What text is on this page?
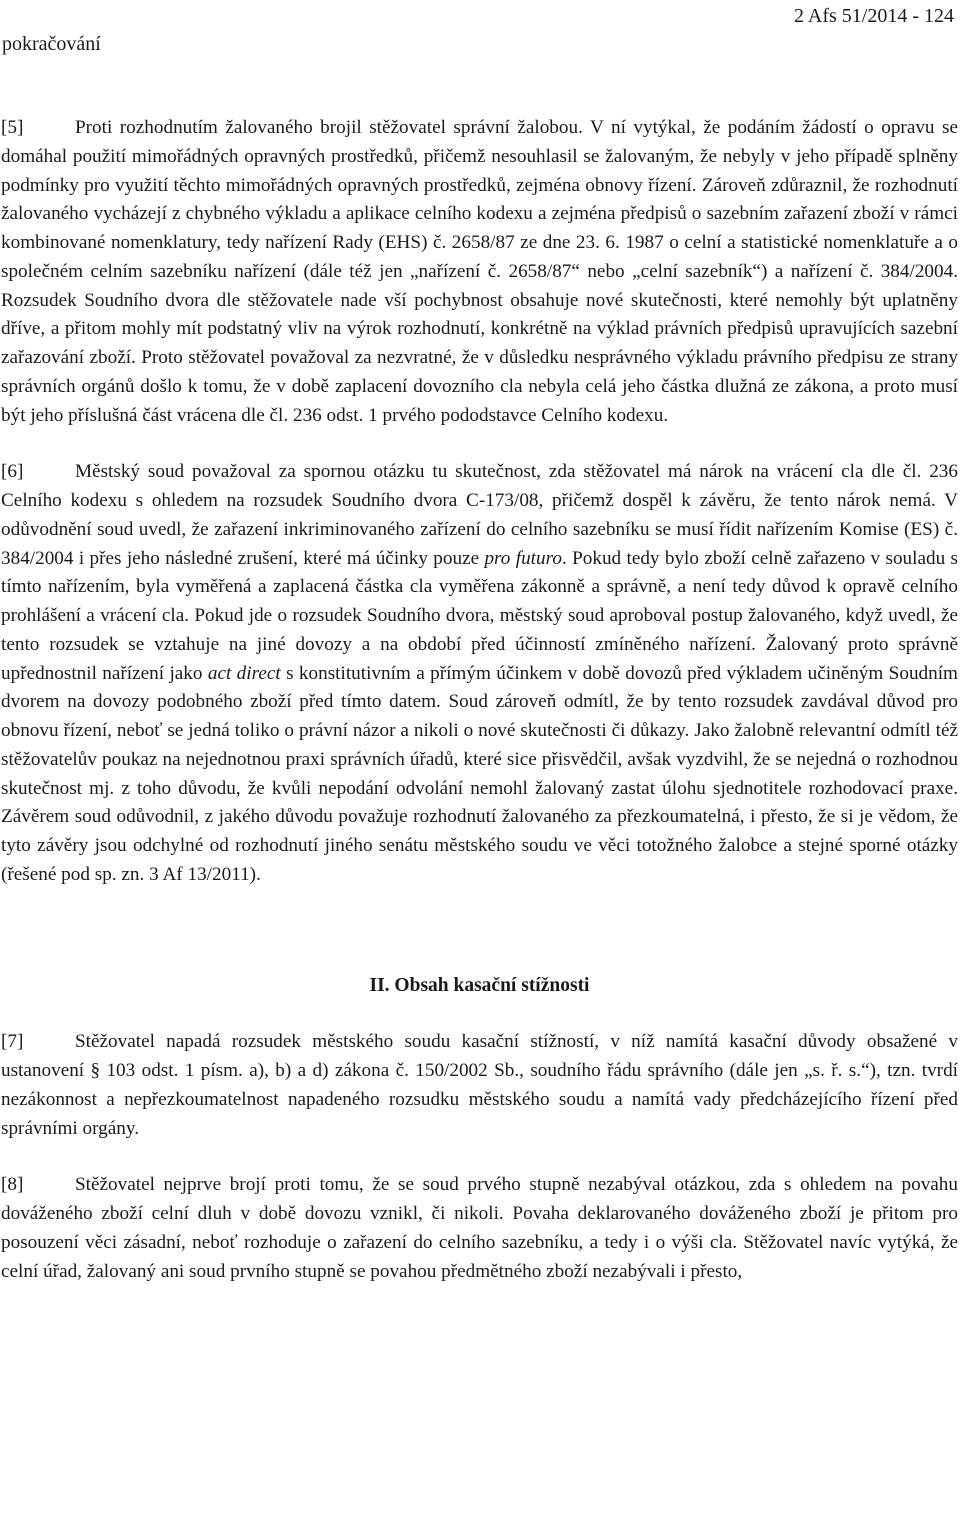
pokračování
2 Afs 51/2014 - 124

[5]	Proti rozhodnutím žalovaného brojil stěžovatel správní žalobou. V ní vytýkal, že podáním žádostí o opravu se domáhal použití mimořádných opravných prostředků, přičemž nesouhlasil se žalovaným, že nebyly v jeho případě splněny podmínky pro využití těchto mimořádných opravných prostředků, zejména obnovy řízení. Zároveň zdůraznil, že rozhodnutí žalovaného vycházejí z chybného výkladu a aplikace celního kodexu a zejména předpisů o sazebním zařazení zboží v rámci kombinované nomenklatury, tedy nařízení Rady (EHS) č. 2658/87 ze dne 23. 6. 1987 o celní a statistické nomenklatuře a o společném celním sazebníku nařízení (dále též jen „nařízení č. 2658/87“ nebo „celní sazebník“) a nařízení č. 384/2004. Rozsudek Soudního dvora dle stěžovatele nade vší pochybnost obsahuje nové skutečnosti, které nemohly být uplatněny dříve, a přitom mohly mít podstatný vliv na výrok rozhodnutí, konkrétně na výklad právních předpisů upravujících sazební zařazování zboží. Proto stěžovatel považoval za nezvratné, že v důsledku nesprávného výkladu právního předpisu ze strany správních orgánů došlo k tomu, že v době zaplacení dovozního cla nebyla celá jeho částka dlužná ze zákona, a proto musí být jeho příslušná část vrácena dle čl. 236 odst. 1 prvého pododstavce Celního kodexu.

[6]	Městský soud považoval za spornou otázku tu skutečnost, zda stěžovatel má nárok na vrácení cla dle čl. 236 Celního kodexu s ohledem na rozsudek Soudního dvora C-173/08, přičemž dospěl k závěru, že tento nárok nemá. V odůvodnění soud uvedl, že zařazení inkriminovaného zařízení do celního sazebníku se musí řídit nařízením Komise (ES) č. 384/2004 i přes jeho následné zrušení, které má účinky pouze pro futuro. Pokud tedy bylo zboží celně zařazeno v souladu s tímto nařízením, byla vyměřená a zaplacená částka cla vyměřena zákonně a správně, a není tedy důvod k opravě celního prohlášení a vrácení cla. Pokud jde o rozsudek Soudního dvora, městský soud aproboval postup žalovaného, když uvedl, že tento rozsudek se vztahuje na jiné dovozy a na období před účinností zmíněného nařízení. Žalovaný proto správně upřednostnil nařízení jako act direct s konstitutivním a přímým účinkem v době dovozů před výkladem učiněným Soudním dvorem na dovozy podobného zboží před tímto datem. Soud zároveň odmítl, že by tento rozsudek zavdával důvod pro obnovu řízení, neboť se jedná toliko o právní názor a nikoli o nové skutečnosti či důkazy. Jako žalobně relevantní odmítl též stěžovatelův poukaz na nejednotnou praxi správních úřadů, které sice přisvědčil, avšak vyzdvihl, že se nejedná o rozhodnou skutečnost mj. z toho důvodu, že kvůli nepodání odvolání nemohl žalovaný zastat úlohu sjednotitele rozhodovací praxe. Závěrem soud odůvodnil, z jakého důvodu považuje rozhodnutí žalovaného za přezkoumatelná, i přesto, že si je vědom, že tyto závěry jsou odchylné od rozhodnutí jiného senátu městského soudu ve věci totožného žalobce a stejné sporné otázky (řešené pod sp. zn. 3 Af 13/2011).

II. Obsah kasační stížnosti

[7]	Stěžovatel napadá rozsudek městského soudu kasační stížností, v níž namítá kasační důvody obsažené v ustanovení § 103 odst. 1 písm. a), b) a d) zákona č. 150/2002 Sb., soudního řádu správního (dále jen „s. ř. s.“), tzn. tvrdí nezákonnost a nepřezkoumatelnost napadeného rozsudku městského soudu a namítá vady předcházejícího řízení před správními orgány.

[8]	Stěžovatel nejprve brojí proti tomu, že se soud prvého stupně nezabýval otázkou, zda s ohledem na povahu dováženého zboží celní dluh v době dovozu vznikl, či nikoli. Povaha deklarovaného dováženého zboží je přitom pro posouzení věci zásadní, neboť rozhoduje o zařazení do celního sazebníku, a tedy i o výši cla. Stěžovatel navíc vytýká, že celní úřad, žalovaný ani soud prvního stupně se povahou předmětného zboží nezabývali i přesto,
